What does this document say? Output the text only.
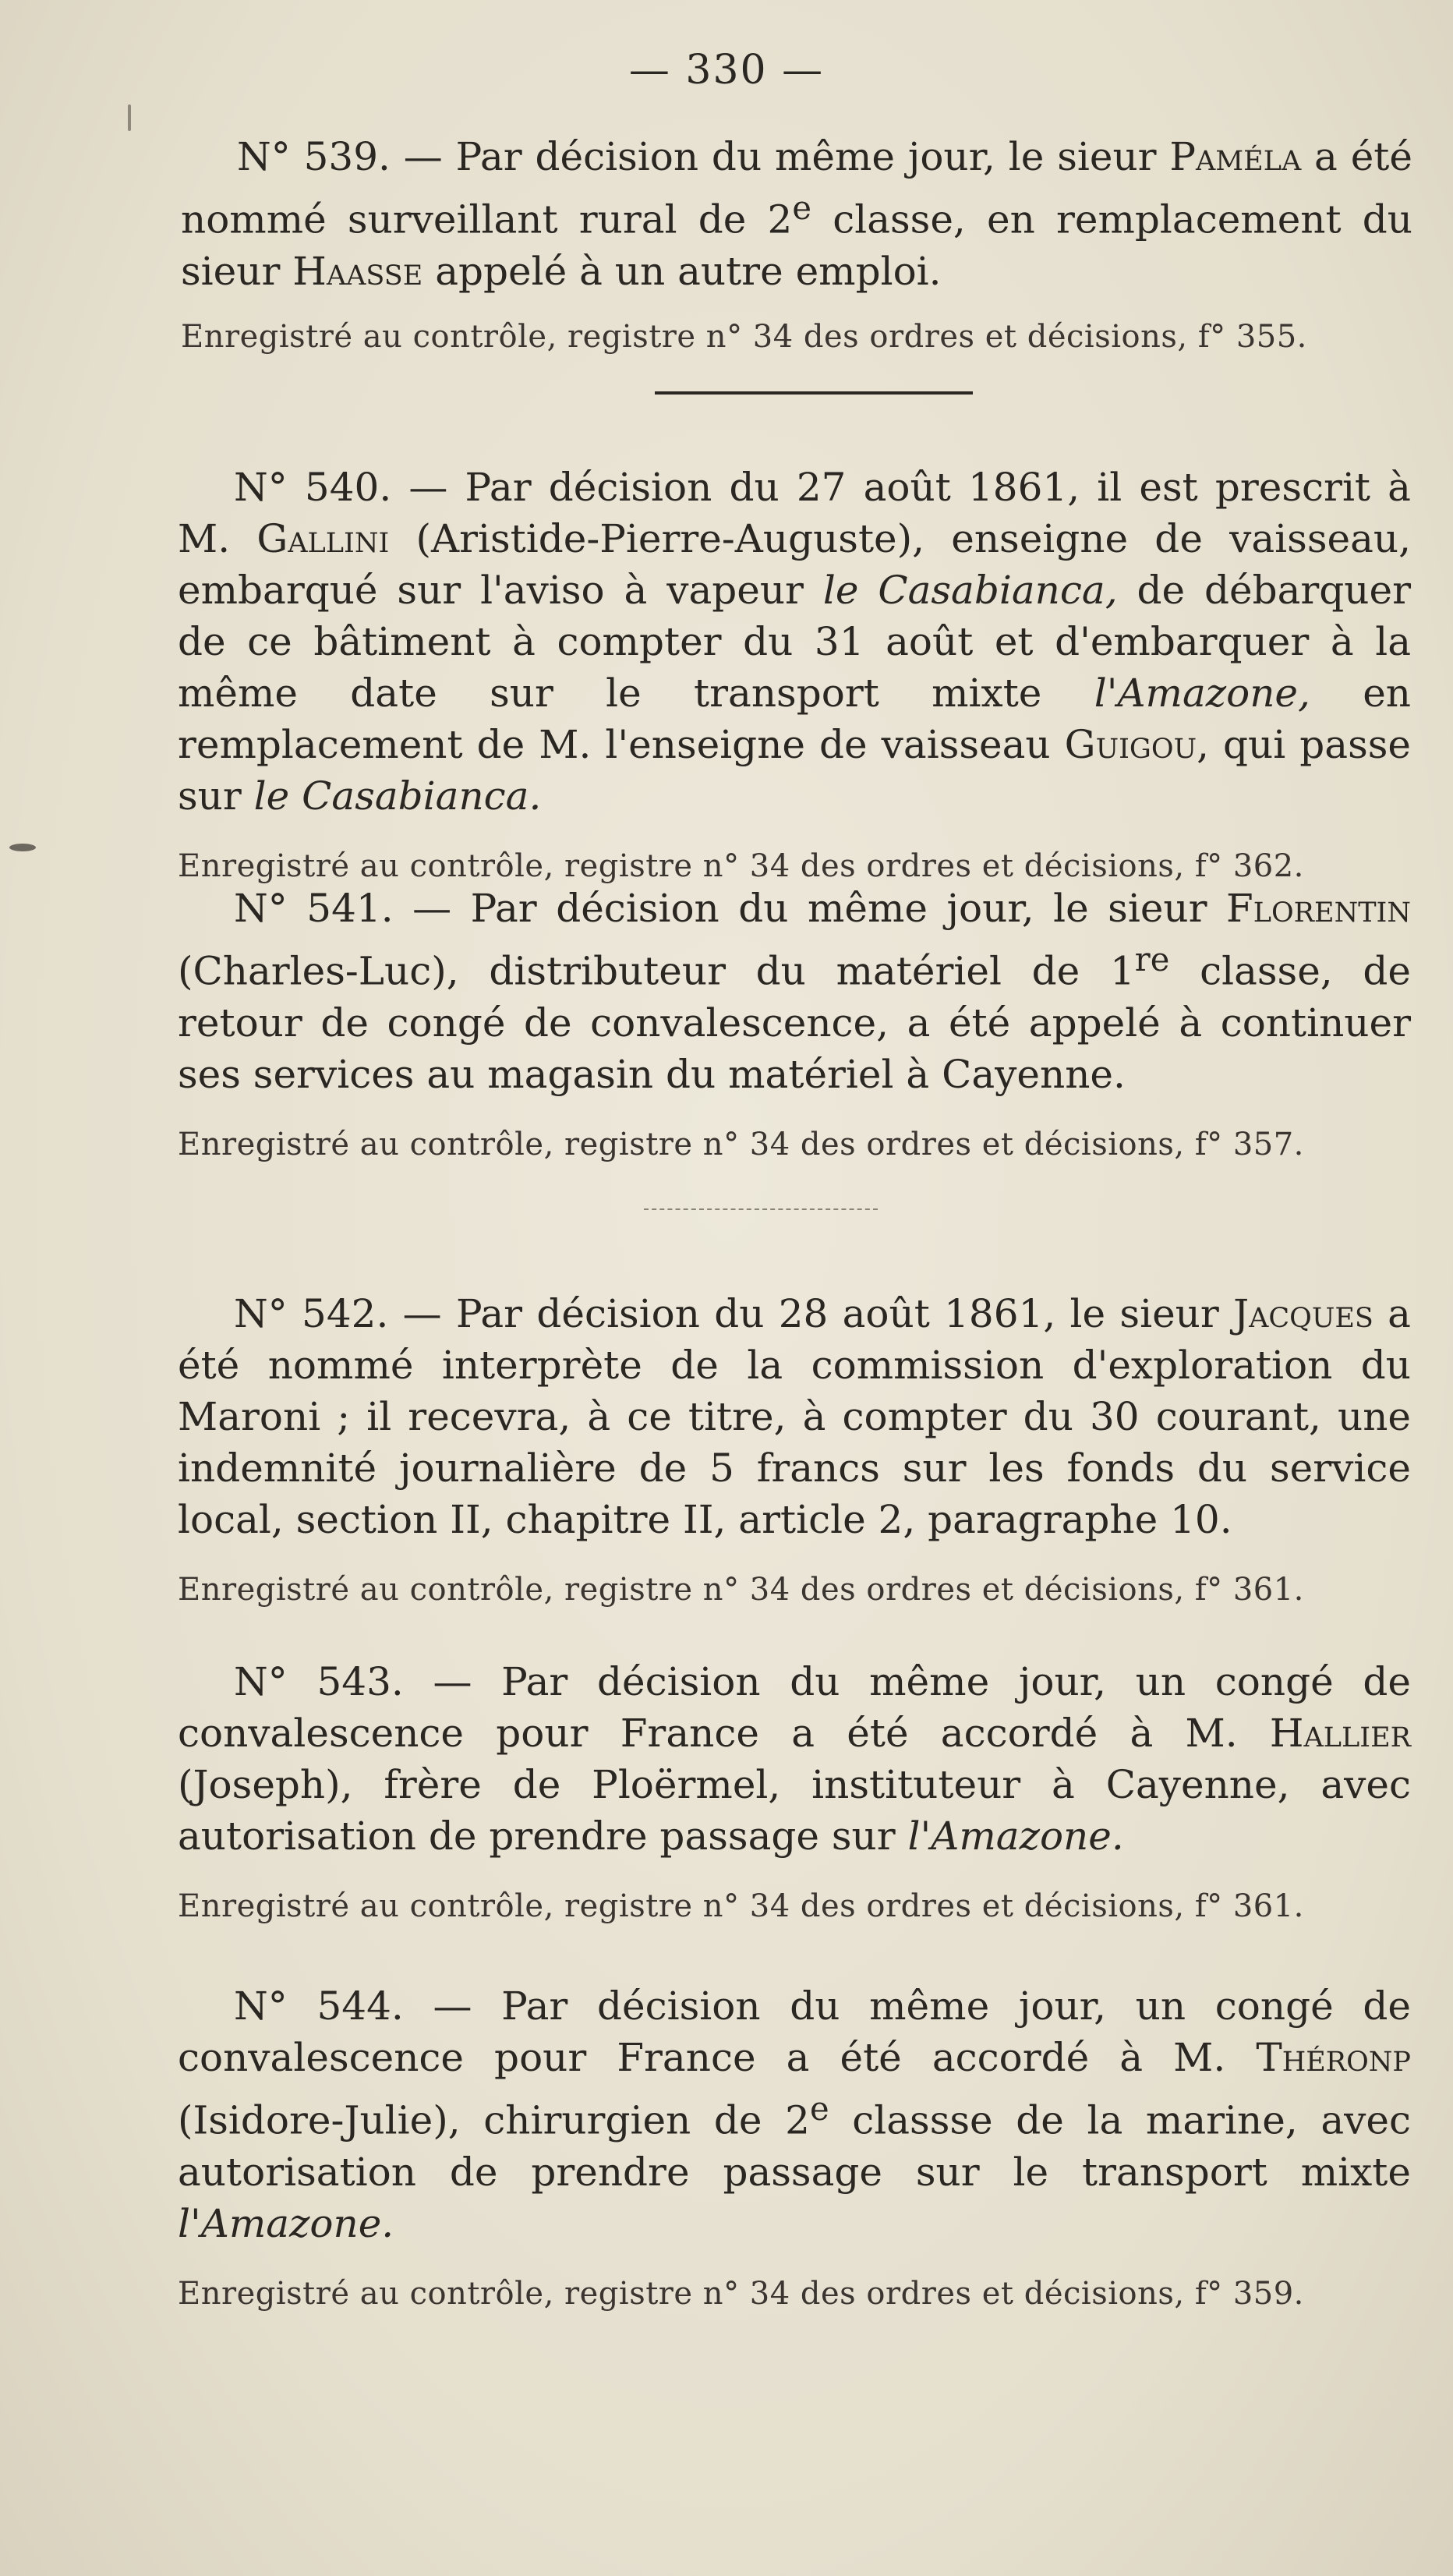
— 330 —
N° 539. — Par décision du même jour, le sieur Paméla a été nommé surveillant rural de 2e classe, en remplacement du sieur Haasse appelé à un autre emploi.
Enregistré au contrôle, registre n° 34 des ordres et décisions, f° 355.
N° 540. — Par décision du 27 août 1861, il est prescrit à M. Gallini (Aristide-Pierre-Auguste), enseigne de vaisseau, embarqué sur l'aviso à vapeur le Casabianca, de débarquer de ce bâtiment à compter du 31 août et d'embarquer à la même date sur le transport mixte l'Amazone, en remplacement de M. l'enseigne de vaisseau Guigou, qui passe sur le Casabianca.
Enregistré au contrôle, registre n° 34 des ordres et décisions, f° 362.
N° 541. — Par décision du même jour, le sieur Florentin (Charles-Luc), distributeur du matériel de 1re classe, de retour de congé de convalescence, a été appelé à continuer ses services au magasin du matériel à Cayenne.
Enregistré au contrôle, registre n° 34 des ordres et décisions, f° 357.
N° 542. — Par décision du 28 août 1861, le sieur Jacques a été nommé interprète de la commission d'exploration du Maroni ; il recevra, à ce titre, à compter du 30 courant, une indemnité journalière de 5 francs sur les fonds du service local, section II, chapitre II, article 2, paragraphe 10.
Enregistré au contrôle, registre n° 34 des ordres et décisions, f° 361.
N° 543. — Par décision du même jour, un congé de convalescence pour France a été accordé à M. Hallier (Joseph), frère de Ploërmel, instituteur à Cayenne, avec autorisation de prendre passage sur l'Amazone.
Enregistré au contrôle, registre n° 34 des ordres et décisions, f° 361.
N° 544. — Par décision du même jour, un congé de convalescence pour France a été accordé à M. Théronp (Isidore-Julie), chirurgien de 2e classse de la marine, avec autorisation de prendre passage sur le transport mixte l'Amazone.
Enregistré au contrôle, registre n° 34 des ordres et décisions, f° 359.
